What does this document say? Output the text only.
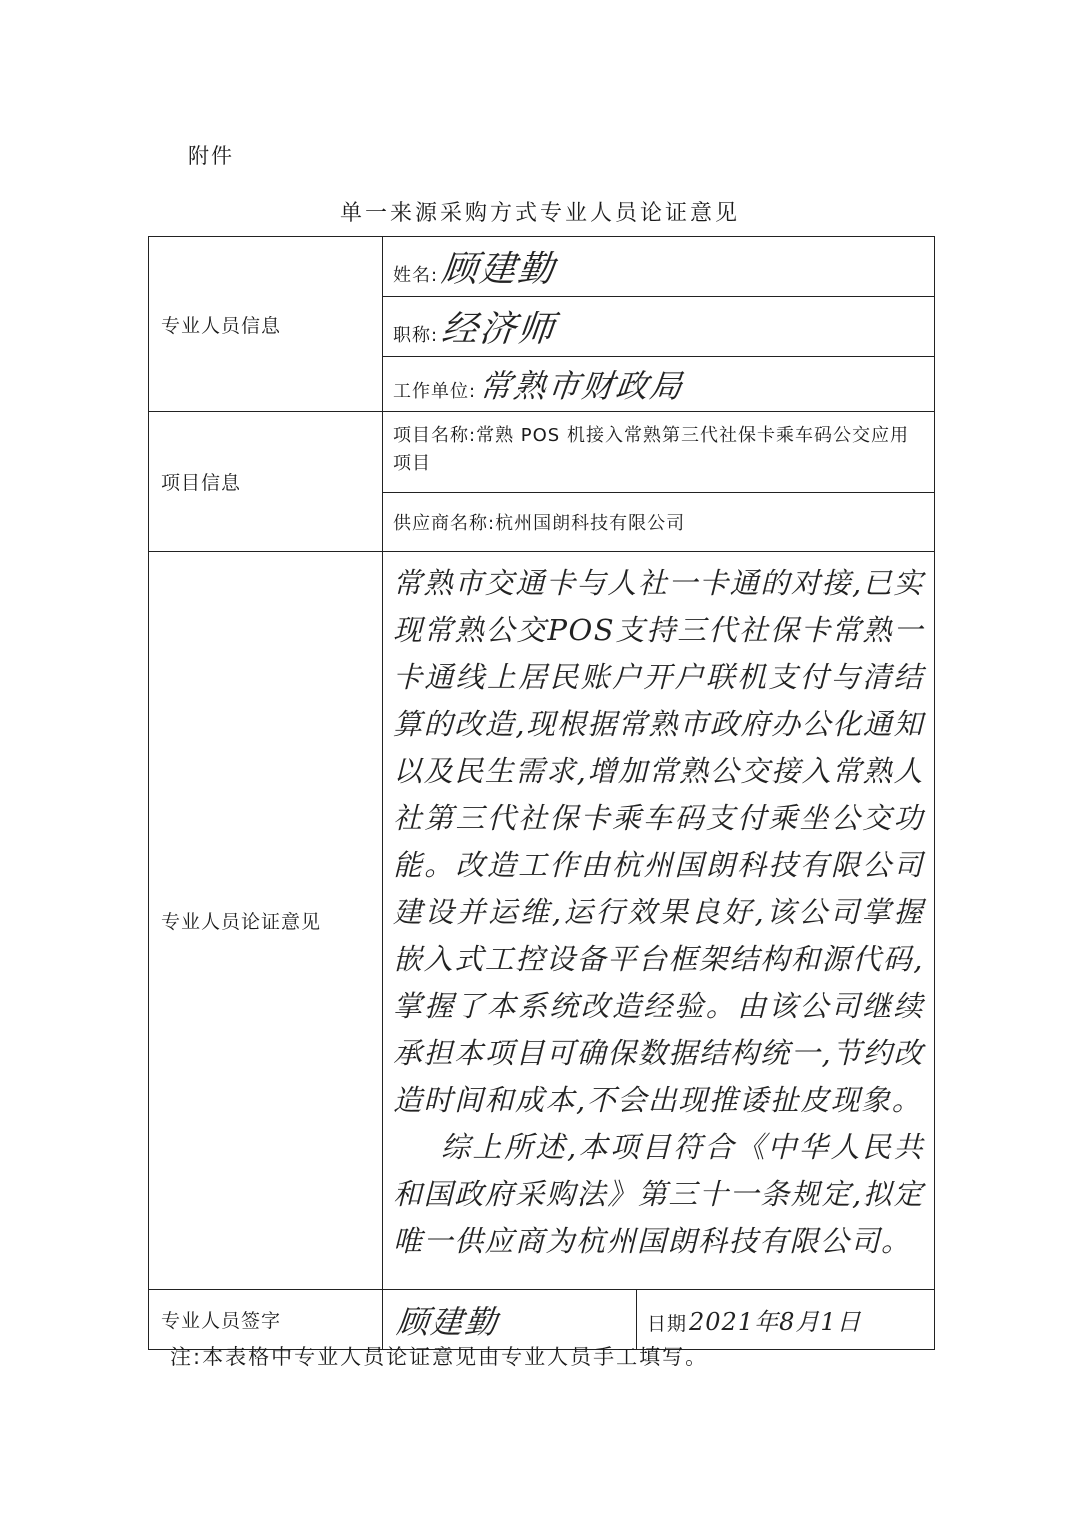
附件
单一来源采购方式专业人员论证意见
专业人员信息	姓名:顾建勤	
	职称:经济师	
	工作单位:常熟市财政局	
项目信息	项目名称:常熟 POS 机接入常熟第三代社保卡乘车码公交应用项目	
	供应商名称:杭州国朗科技有限公司	
专业人员论证意见	常熟市交通卡与人社一卡通的对接,已实现常熟公交POS支持三代社保卡常熟一卡通线上居民账户开户联机支付与清结算的改造,现根据常熟市政府办公化通知以及民生需求,增加常熟公交接入常熟人社第三代社保卡乘车码支付乘坐公交功能。改造工作由杭州国朗科技有限公司建设并运维,运行效果良好,该公司掌握嵌入式工控设备平台框架结构和源代码,掌握了本系统改造经验。由该公司继续承担本项目可确保数据结构统一,节约改造时间和成本,不会出现推诿扯皮现象。

综上所述,本项目符合《中华人民共和国政府采购法》第三十一条规定,拟定唯一供应商为杭州国朗科技有限公司。	

专业人员签字	顾建勤	日期2021年8月1日
注:本表格中专业人员论证意见由专业人员手工填写。
